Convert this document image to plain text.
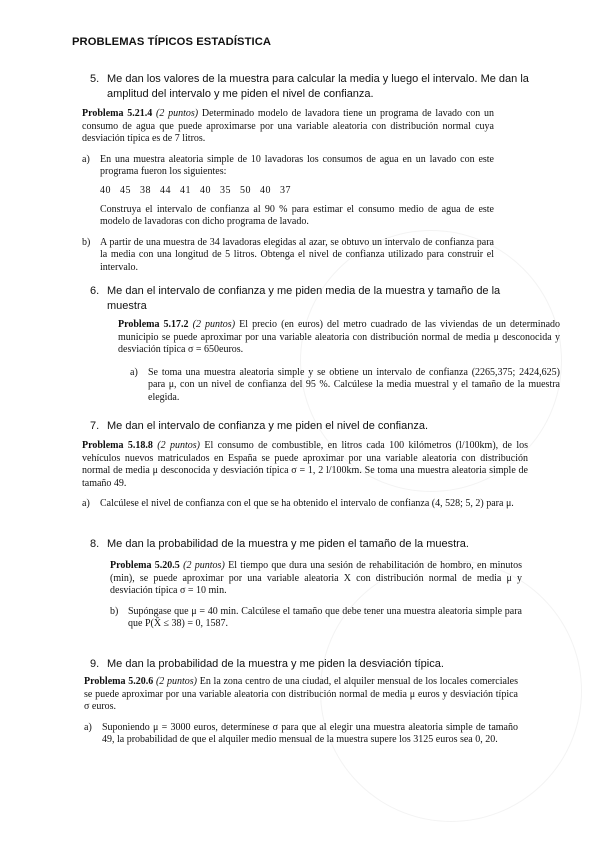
PROBLEMAS TÍPICOS ESTADÍSTICA
5. Me dan los valores de la muestra para calcular la media y luego el intervalo. Me dan la amplitud del intervalo y me piden el nivel de confianza.

Problema 5.21.4 (2 puntos) Determinado modelo de lavadora tiene un programa de lavado con un consumo de agua que puede aproximarse por una variable aleatoria con distribución normal cuya desviación típica es de 7 litros.

a) En una muestra aleatoria simple de 10 lavadoras los consumos de agua en un lavado con este programa fueron los siguientes:

40   45   38   44   41   40   35   50   40   37

Construya el intervalo de confianza al 90 % para estimar el consumo medio de agua de este modelo de lavadoras con dicho programa de lavado.

b) A partir de una muestra de 34 lavadoras elegidas al azar, se obtuvo un intervalo de confianza para la media con una longitud de 5 litros. Obtenga el nivel de confianza utilizado para construir el intervalo.

6. Me dan el intervalo de confianza y me piden media de la muestra y tamaño de la muestra

Problema 5.17.2 (2 puntos) El precio (en euros) del metro cuadrado de las viviendas de un determinado municipio se puede aproximar por una variable aleatoria con distribución normal de media μ desconocida y desviación típica σ = 650euros.

a) Se toma una muestra aleatoria simple y se obtiene un intervalo de confianza (2265,375; 2424,625) para μ, con un nivel de confianza del 95 %. Calcúlese la media muestral y el tamaño de la muestra elegida.

7. Me dan el intervalo de confianza y me piden el nivel de confianza.

Problema 5.18.8 (2 puntos) El consumo de combustible, en litros cada 100 kilómetros (l/100km), de los vehículos nuevos matriculados en España se puede aproximar por una variable aleatoria con distribución normal de media μ desconocida y desviación típica σ = 1, 2 l/100km. Se toma una muestra aleatoria simple de tamaño 49.

a) Calcúlese el nivel de confianza con el que se ha obtenido el intervalo de confianza (4, 528; 5, 2) para μ.

8. Me dan la probabilidad de la muestra y me piden el tamaño de la muestra.

Problema 5.20.5 (2 puntos) El tiempo que dura una sesión de rehabilitación de hombro, en minutos (min), se puede aproximar por una variable aleatoria X con distribución normal de media μ y desviación típica σ = 10 min.

b) Supóngase que μ = 40 min. Calcúlese el tamaño que debe tener una muestra aleatoria simple para que P(X̄ ≤ 38) = 0, 1587.

9. Me dan la probabilidad de la muestra y me piden la desviación típica.

Problema 5.20.6 (2 puntos) En la zona centro de una ciudad, el alquiler mensual de los locales comerciales se puede aproximar por una variable aleatoria con distribución normal de media μ euros y desviación típica σ euros.

a) Suponiendo μ = 3000 euros, determínese σ para que al elegir una muestra aleatoria simple de tamaño 49, la probabilidad de que el alquiler medio mensual de la muestra supere los 3125 euros sea 0, 20.
